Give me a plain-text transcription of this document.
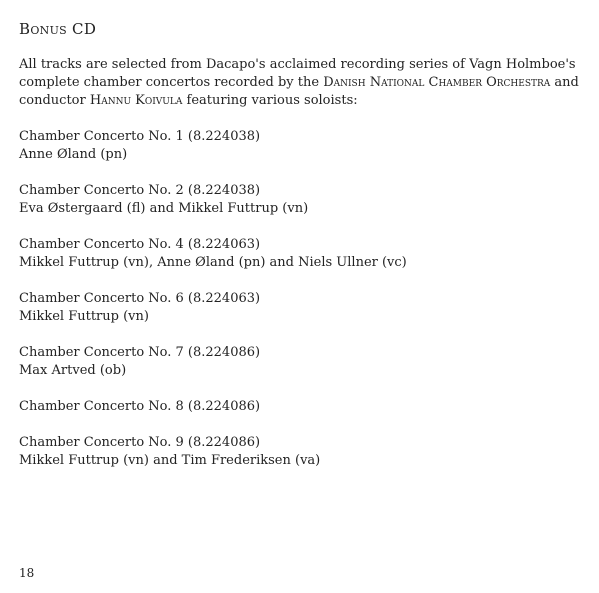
Bonus CD

All tracks are selected from Dacapo's acclaimed recording series of Vagn Holmboe's complete chamber concertos recorded by the Danish National Chamber Orchestra and conductor Hannu Koivula featuring various soloists:

Chamber Concerto No. 1 (8.224038)
Anne Øland (pn)
Chamber Concerto No. 2 (8.224038)
Eva Østergaard (fl) and Mikkel Futtrup (vn)
Chamber Concerto No. 4 (8.224063)
Mikkel Futtrup (vn), Anne Øland (pn) and Niels Ullner (vc)
Chamber Concerto No. 6 (8.224063)
Mikkel Futtrup (vn)
Chamber Concerto No. 7 (8.224086)
Max Artved (ob)
Chamber Concerto No. 8 (8.224086)
Chamber Concerto No. 9 (8.224086)
Mikkel Futtrup (vn) and Tim Frederiksen (va)
18
